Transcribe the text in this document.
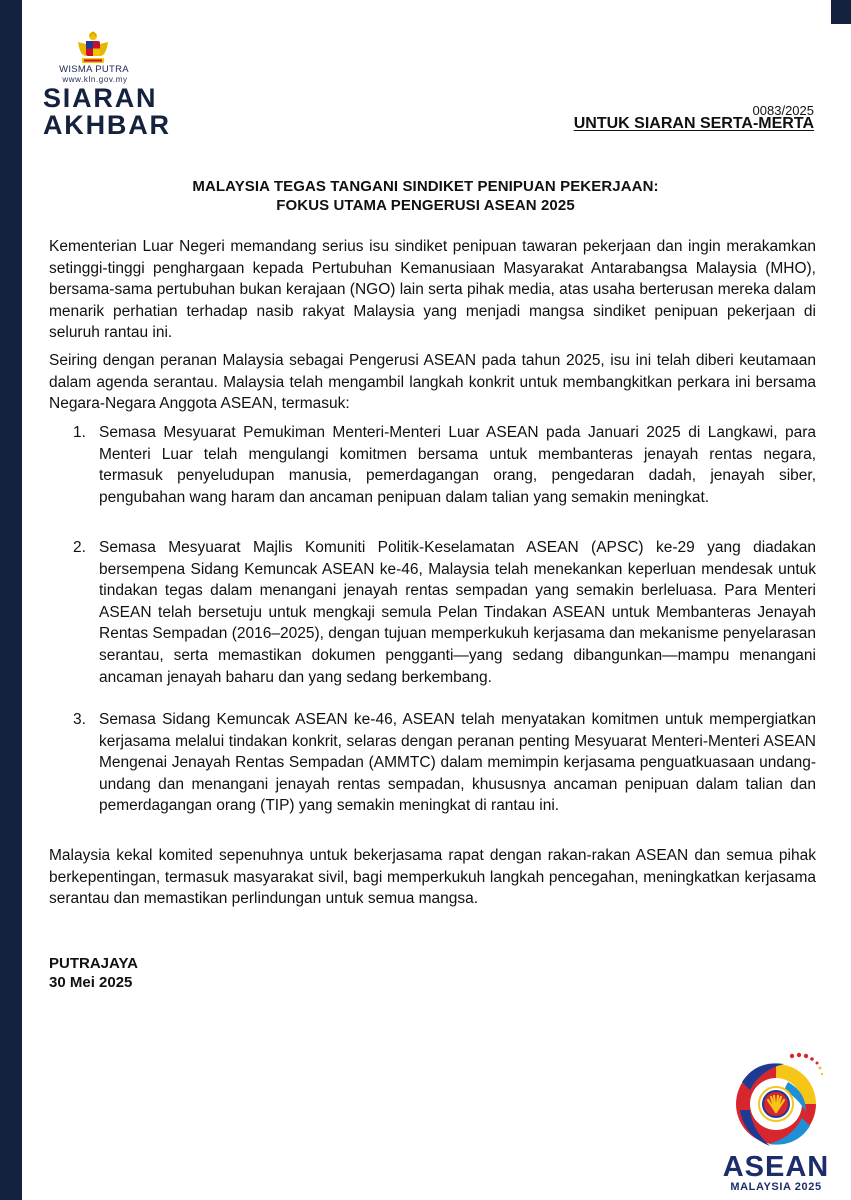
WISMA PUTRA
www.kln.gov.my
SIARAN
AKHBAR	0083/2025
UNTUK SIARAN SERTA-MERTA
MALAYSIA TEGAS TANGANI SINDIKET PENIPUAN PEKERJAAN:
FOKUS UTAMA PENGERUSI ASEAN 2025

Kementerian Luar Negeri memandang serius isu sindiket penipuan tawaran pekerjaan dan ingin merakamkan setinggi-tinggi penghargaan kepada Pertubuhan Kemanusiaan Masyarakat Antarabangsa Malaysia (MHO), bersama-sama pertubuhan bukan kerajaan (NGO) lain serta pihak media, atas usaha berterusan mereka dalam menarik perhatian terhadap nasib rakyat Malaysia yang menjadi mangsa sindiket penipuan pekerjaan di seluruh rantau ini.

Seiring dengan peranan Malaysia sebagai Pengerusi ASEAN pada tahun 2025, isu ini telah diberi keutamaan dalam agenda serantau. Malaysia telah mengambil langkah konkrit untuk membangkitkan perkara ini bersama Negara-Negara Anggota ASEAN, termasuk:

1. Semasa Mesyuarat Pemukiman Menteri-Menteri Luar ASEAN pada Januari 2025 di Langkawi, para Menteri Luar telah mengulangi komitmen bersama untuk membanteras jenayah rentas negara, termasuk penyeludupan manusia, pemerdagangan orang, pengedaran dadah, jenayah siber, pengubahan wang haram dan ancaman penipuan dalam talian yang semakin meningkat.

2. Semasa Mesyuarat Majlis Komuniti Politik-Keselamatan ASEAN (APSC) ke-29 yang diadakan bersempena Sidang Kemuncak ASEAN ke-46, Malaysia telah menekankan keperluan mendesak untuk tindakan tegas dalam menangani jenayah rentas sempadan yang semakin berleluasa. Para Menteri ASEAN telah bersetuju untuk mengkaji semula Pelan Tindakan ASEAN untuk Membanteras Jenayah Rentas Sempadan (2016–2025), dengan tujuan memperkukuh kerjasama dan mekanisme penyelarasan serantau, serta memastikan dokumen pengganti—yang sedang dibangunkan—mampu menangani ancaman jenayah baharu dan yang sedang berkembang.

3. Semasa Sidang Kemuncak ASEAN ke-46, ASEAN telah menyatakan komitmen untuk mempergiatkan kerjasama melalui tindakan konkrit, selaras dengan peranan penting Mesyuarat Menteri-Menteri ASEAN Mengenai Jenayah Rentas Sempadan (AMMTC) dalam memimpin kerjasama penguatkuasaan undang-undang dan menangani jenayah rentas sempadan, khususnya ancaman penipuan dalam talian dan pemerdagangan orang (TIP) yang semakin meningkat di rantau ini.

Malaysia kekal komited sepenuhnya untuk bekerjasama rapat dengan rakan-rakan ASEAN dan semua pihak berkepentingan, termasuk masyarakat sivil, bagi memperkukuh langkah pencegahan, meningkatkan kerjasama serantau dan memastikan perlindungan untuk semua mangsa.

PUTRAJAYA
30 Mei 2025
ASEAN
MALAYSIA 2025
